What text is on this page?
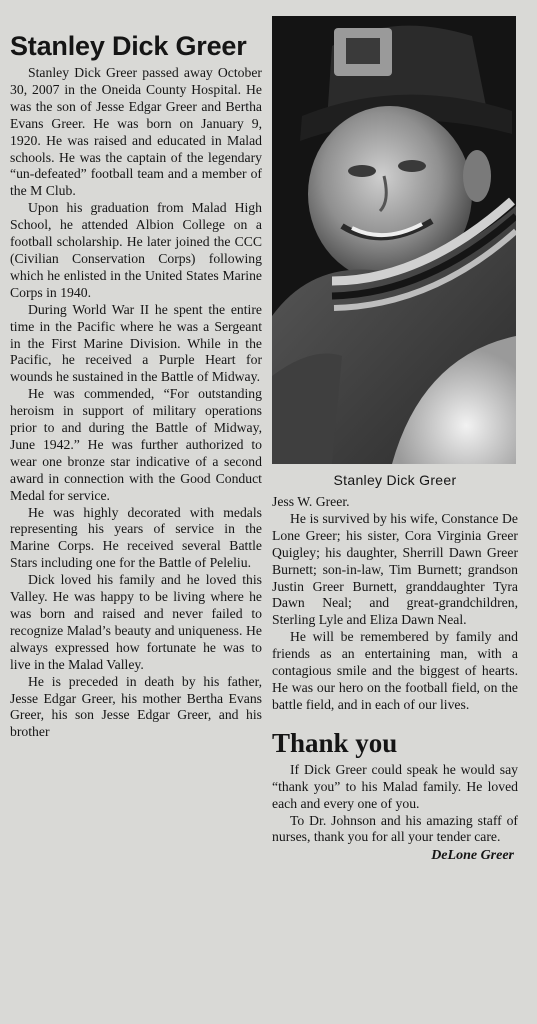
Stanley Dick Greer

Stanley Dick Greer passed away October 30, 2007 in the Oneida County Hospital. He was the son of Jesse Edgar Greer and Bertha Evans Greer. He was born on January 9, 1920. He was raised and educated in Malad schools. He was the captain of the legendary “un-defeated” football team and a member of the M Club.

Upon his graduation from Malad High School, he attended Albion College on a football scholarship. He later joined the CCC (Civilian Conservation Corps) following which he enlisted in the United States Marine Corps in 1940.

During World War II he spent the entire time in the Pacific where he was a Sergeant in the First Marine Division. While in the Pacific, he received a Purple Heart for wounds he sustained in the Battle of Midway.

He was commended, “For outstanding heroism in support of military operations prior to and during the Battle of Midway, June 1942.” He was further authorized to wear one bronze star indicative of a second award in connection with the Good Conduct Medal for service.

He was highly decorated with medals representing his years of service in the Marine Corps. He received several Battle Stars including one for the Battle of Peleliu.

Dick loved his family and he loved this Valley. He was happy to be living where he was born and raised and never failed to recognize Malad’s beauty and uniqueness. He always expressed how fortunate he was to live in the Malad Valley.

He is preceded in death by his father, Jesse Edgar Greer, his mother Bertha Evans Greer, his son Jesse Edgar Greer, and his brother

Stanley Dick Greer

Jess W. Greer.

He is survived by his wife, Constance De Lone Greer; his sister, Cora Virginia Greer Quigley; his daughter, Sherrill Dawn Greer Burnett; son-in-law, Tim Burnett; grandson Justin Greer Burnett, granddaughter Tyra Dawn Neal; and great-grandchildren, Sterling Lyle and Eliza Dawn Neal.

He will be remembered by family and friends as an entertaining man, with a contagious smile and the biggest of hearts. He was our hero on the football field, on the battle field, and in each of our lives.

Thank you

If Dick Greer could speak he would say “thank you” to his Malad family. He loved each and every one of you.

To Dr. Johnson and his amazing staff of nurses, thank you for all your tender care.

DeLone Greer
